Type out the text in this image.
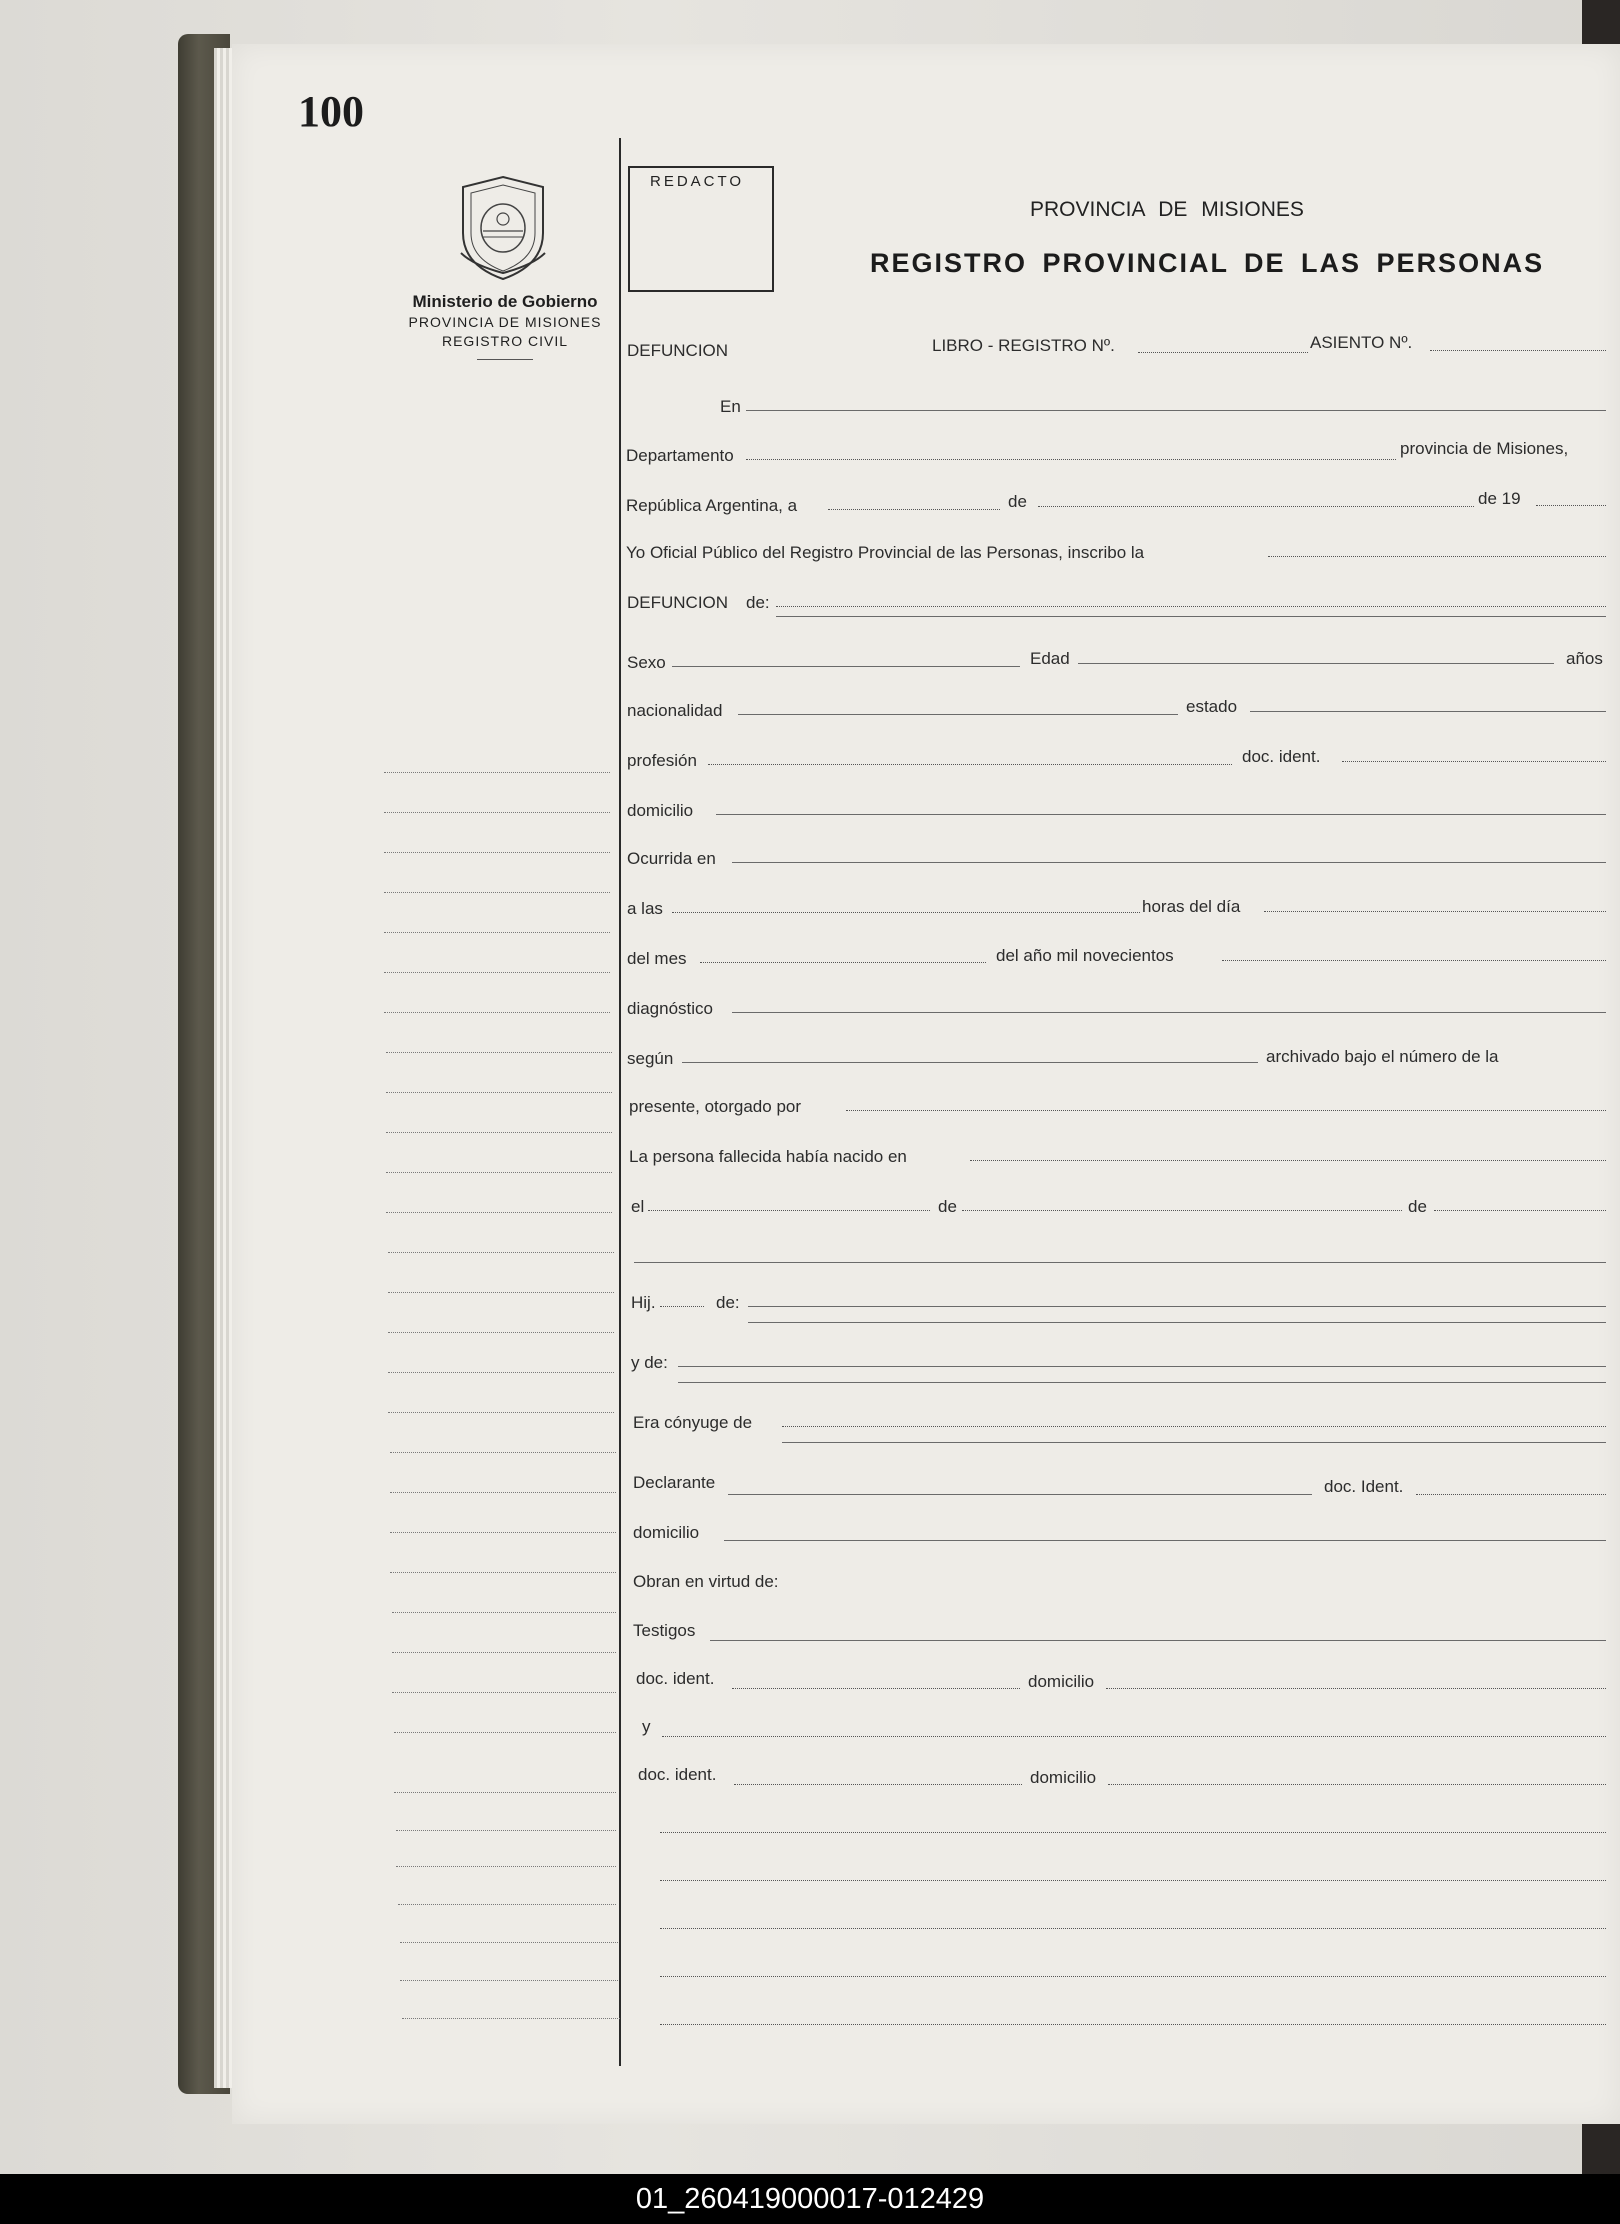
100
Ministerio de Gobierno
PROVINCIA DE MISIONES
REGISTRO CIVIL
REDACTO
PROVINCIA DE MISIONES
REGISTRO PROVINCIAL DE LAS PERSONAS
DEFUNCION	LIBRO - REGISTRO Nº.	ASIENTO Nº.
En
Departamento	provincia de Misiones,
República Argentina, a	de	de 19
Yo Oficial Público del Registro Provincial de las Personas, inscribo la
DEFUNCION de:
Sexo	Edad	años
nacionalidad	estado
profesión	doc. ident.
domicilio
Ocurrida en
a las	horas del día
del mes	del año mil novecientos
diagnóstico
según	archivado bajo el número de la
presente, otorgado por
La persona fallecida había nacido en
el	de	de
Hij.	de:
y de:
Era cónyuge de
Declarante	doc. Ident.
domicilio
Obran en virtud de:
Testigos
doc. ident.	domicilio
y
doc. ident.	domicilio
01_260419000017-012429
